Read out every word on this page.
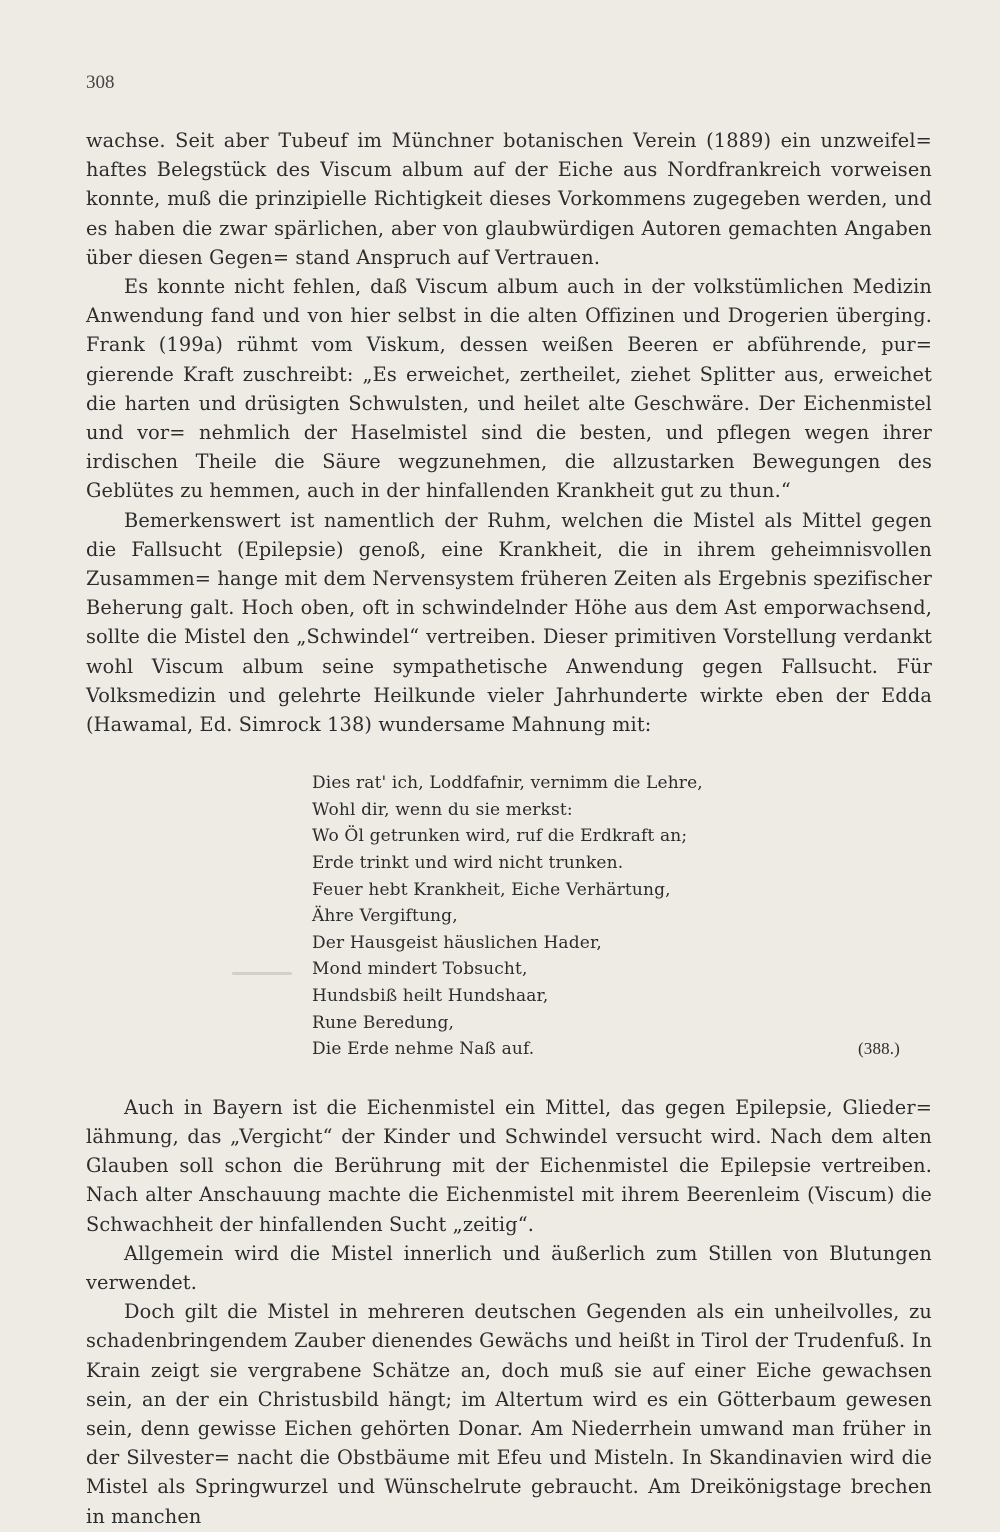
308

wachse. Seit aber Tubeuf im Münchner botanischen Verein (1889) ein unzweifel= haftes Belegstück des Viscum album auf der Eiche aus Nordfrankreich vorweisen konnte, muß die prinzipielle Richtigkeit dieses Vorkommens zugegeben werden, und es haben die zwar spärlichen, aber von glaubwürdigen Autoren gemachten Angaben über diesen Gegen= stand Anspruch auf Vertrauen.

Es konnte nicht fehlen, daß Viscum album auch in der volkstümlichen Medizin Anwendung fand und von hier selbst in die alten Offizinen und Drogerien überging. Frank (199a) rühmt vom Viskum, dessen weißen Beeren er abführende, pur= gierende Kraft zuschreibt: „Es erweichet, zertheilet, ziehet Splitter aus, erweichet die harten und drüsigten Schwulsten, und heilet alte Geschwäre. Der Eichenmistel und vor= nehmlich der Haselmistel sind die besten, und pflegen wegen ihrer irdischen Theile die Säure wegzunehmen, die allzustarken Bewegungen des Geblütes zu hemmen, auch in der hinfallenden Krankheit gut zu thun.“

Bemerkenswert ist namentlich der Ruhm, welchen die Mistel als Mittel gegen die Fallsucht (Epilepsie) genoß, eine Krankheit, die in ihrem geheimnisvollen Zusammen= hange mit dem Nervensystem früheren Zeiten als Ergebnis spezifischer Beherung galt. Hoch oben, oft in schwindelnder Höhe aus dem Ast emporwachsend, sollte die Mistel den „Schwindel“ vertreiben. Dieser primitiven Vorstellung verdankt wohl Viscum album seine sympathetische Anwendung gegen Fallsucht. Für Volksmedizin und gelehrte Heilkunde vieler Jahrhunderte wirkte eben der Edda (Hawamal, Ed. Simrock 138) wundersame Mahnung mit:

Dies rat' ich, Loddfafnir, vernimm die Lehre,
Wohl dir, wenn du sie merkst:
Wo Öl getrunken wird, ruf die Erdkraft an;
Erde trinkt und wird nicht trunken.
Feuer hebt Krankheit, Eiche Verhärtung,
Ähre Vergiftung,
Der Hausgeist häuslichen Hader,
Mond mindert Tobsucht,
Hundsbiß heilt Hundshaar,
Rune Beredung,
Die Erde nehme Naß auf.	(388.)

Auch in Bayern ist die Eichenmistel ein Mittel, das gegen Epilepsie, Glieder= lähmung, das „Vergicht“ der Kinder und Schwindel versucht wird. Nach dem alten Glauben soll schon die Berührung mit der Eichenmistel die Epilepsie vertreiben. Nach alter Anschauung machte die Eichenmistel mit ihrem Beerenleim (Viscum) die Schwachheit der hinfallenden Sucht „zeitig“.

Allgemein wird die Mistel innerlich und äußerlich zum Stillen von Blutungen verwendet.

Doch gilt die Mistel in mehreren deutschen Gegenden als ein unheilvolles, zu schadenbringendem Zauber dienendes Gewächs und heißt in Tirol der Trudenfuß. In Krain zeigt sie vergrabene Schätze an, doch muß sie auf einer Eiche gewachsen sein, an der ein Christusbild hängt; im Altertum wird es ein Götterbaum gewesen sein, denn gewisse Eichen gehörten Donar. Am Niederrhein umwand man früher in der Silvester= nacht die Obstbäume mit Efeu und Misteln. In Skandinavien wird die Mistel als Springwurzel und Wünschelrute gebraucht. Am Dreikönigstage brechen in manchen
